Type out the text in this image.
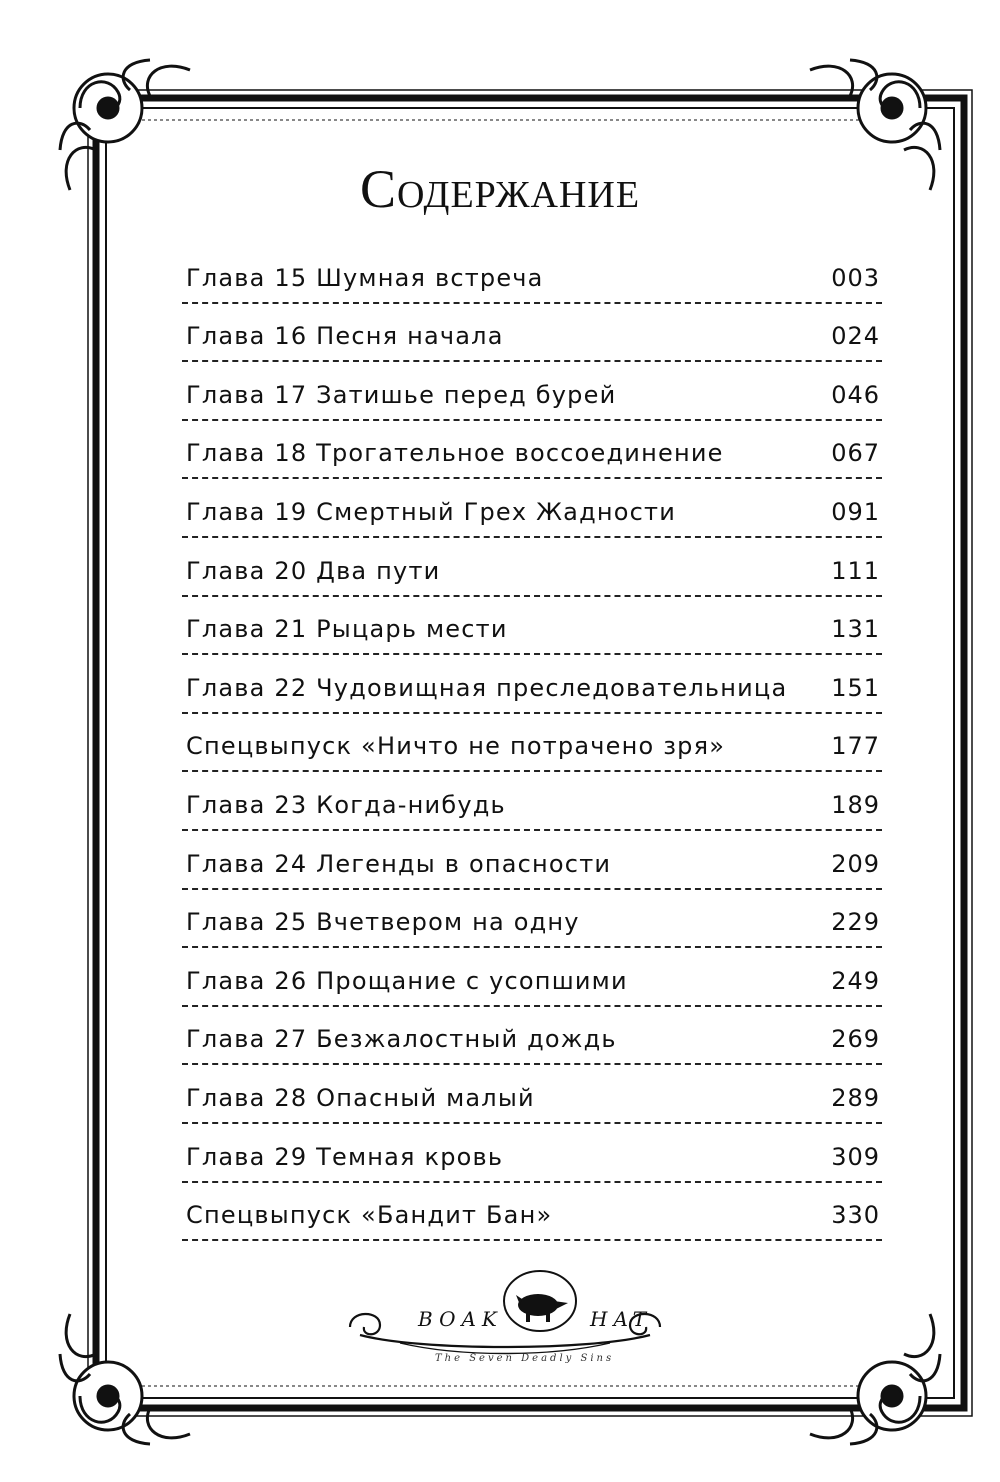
Содержание
Глава 15 Шумная встреча	003
Глава 16 Песня начала	024
Глава 17 Затишье перед бурей	046
Глава 18 Трогательное воссоединение	067
Глава 19 Смертный Грех Жадности	091
Глава 20 Два пути	111
Глава 21 Рыцарь мести	131
Глава 22 Чудовищная преследовательница 151
Спецвыпуск «Ничто не потрачено зря»	177
Глава 23 Когда-нибудь	189
Глава 24 Легенды в опасности	209
Глава 25 Вчетвером на одну	229
Глава 26 Прощание с усопшими	249
Глава 27 Безжалостный дождь	269
Глава 28 Опасный малый	289
Глава 29 Темная кровь	309
Спецвыпуск «Бандит Бан»	330
BOAK	HAT
The Seven Deadly Sins
